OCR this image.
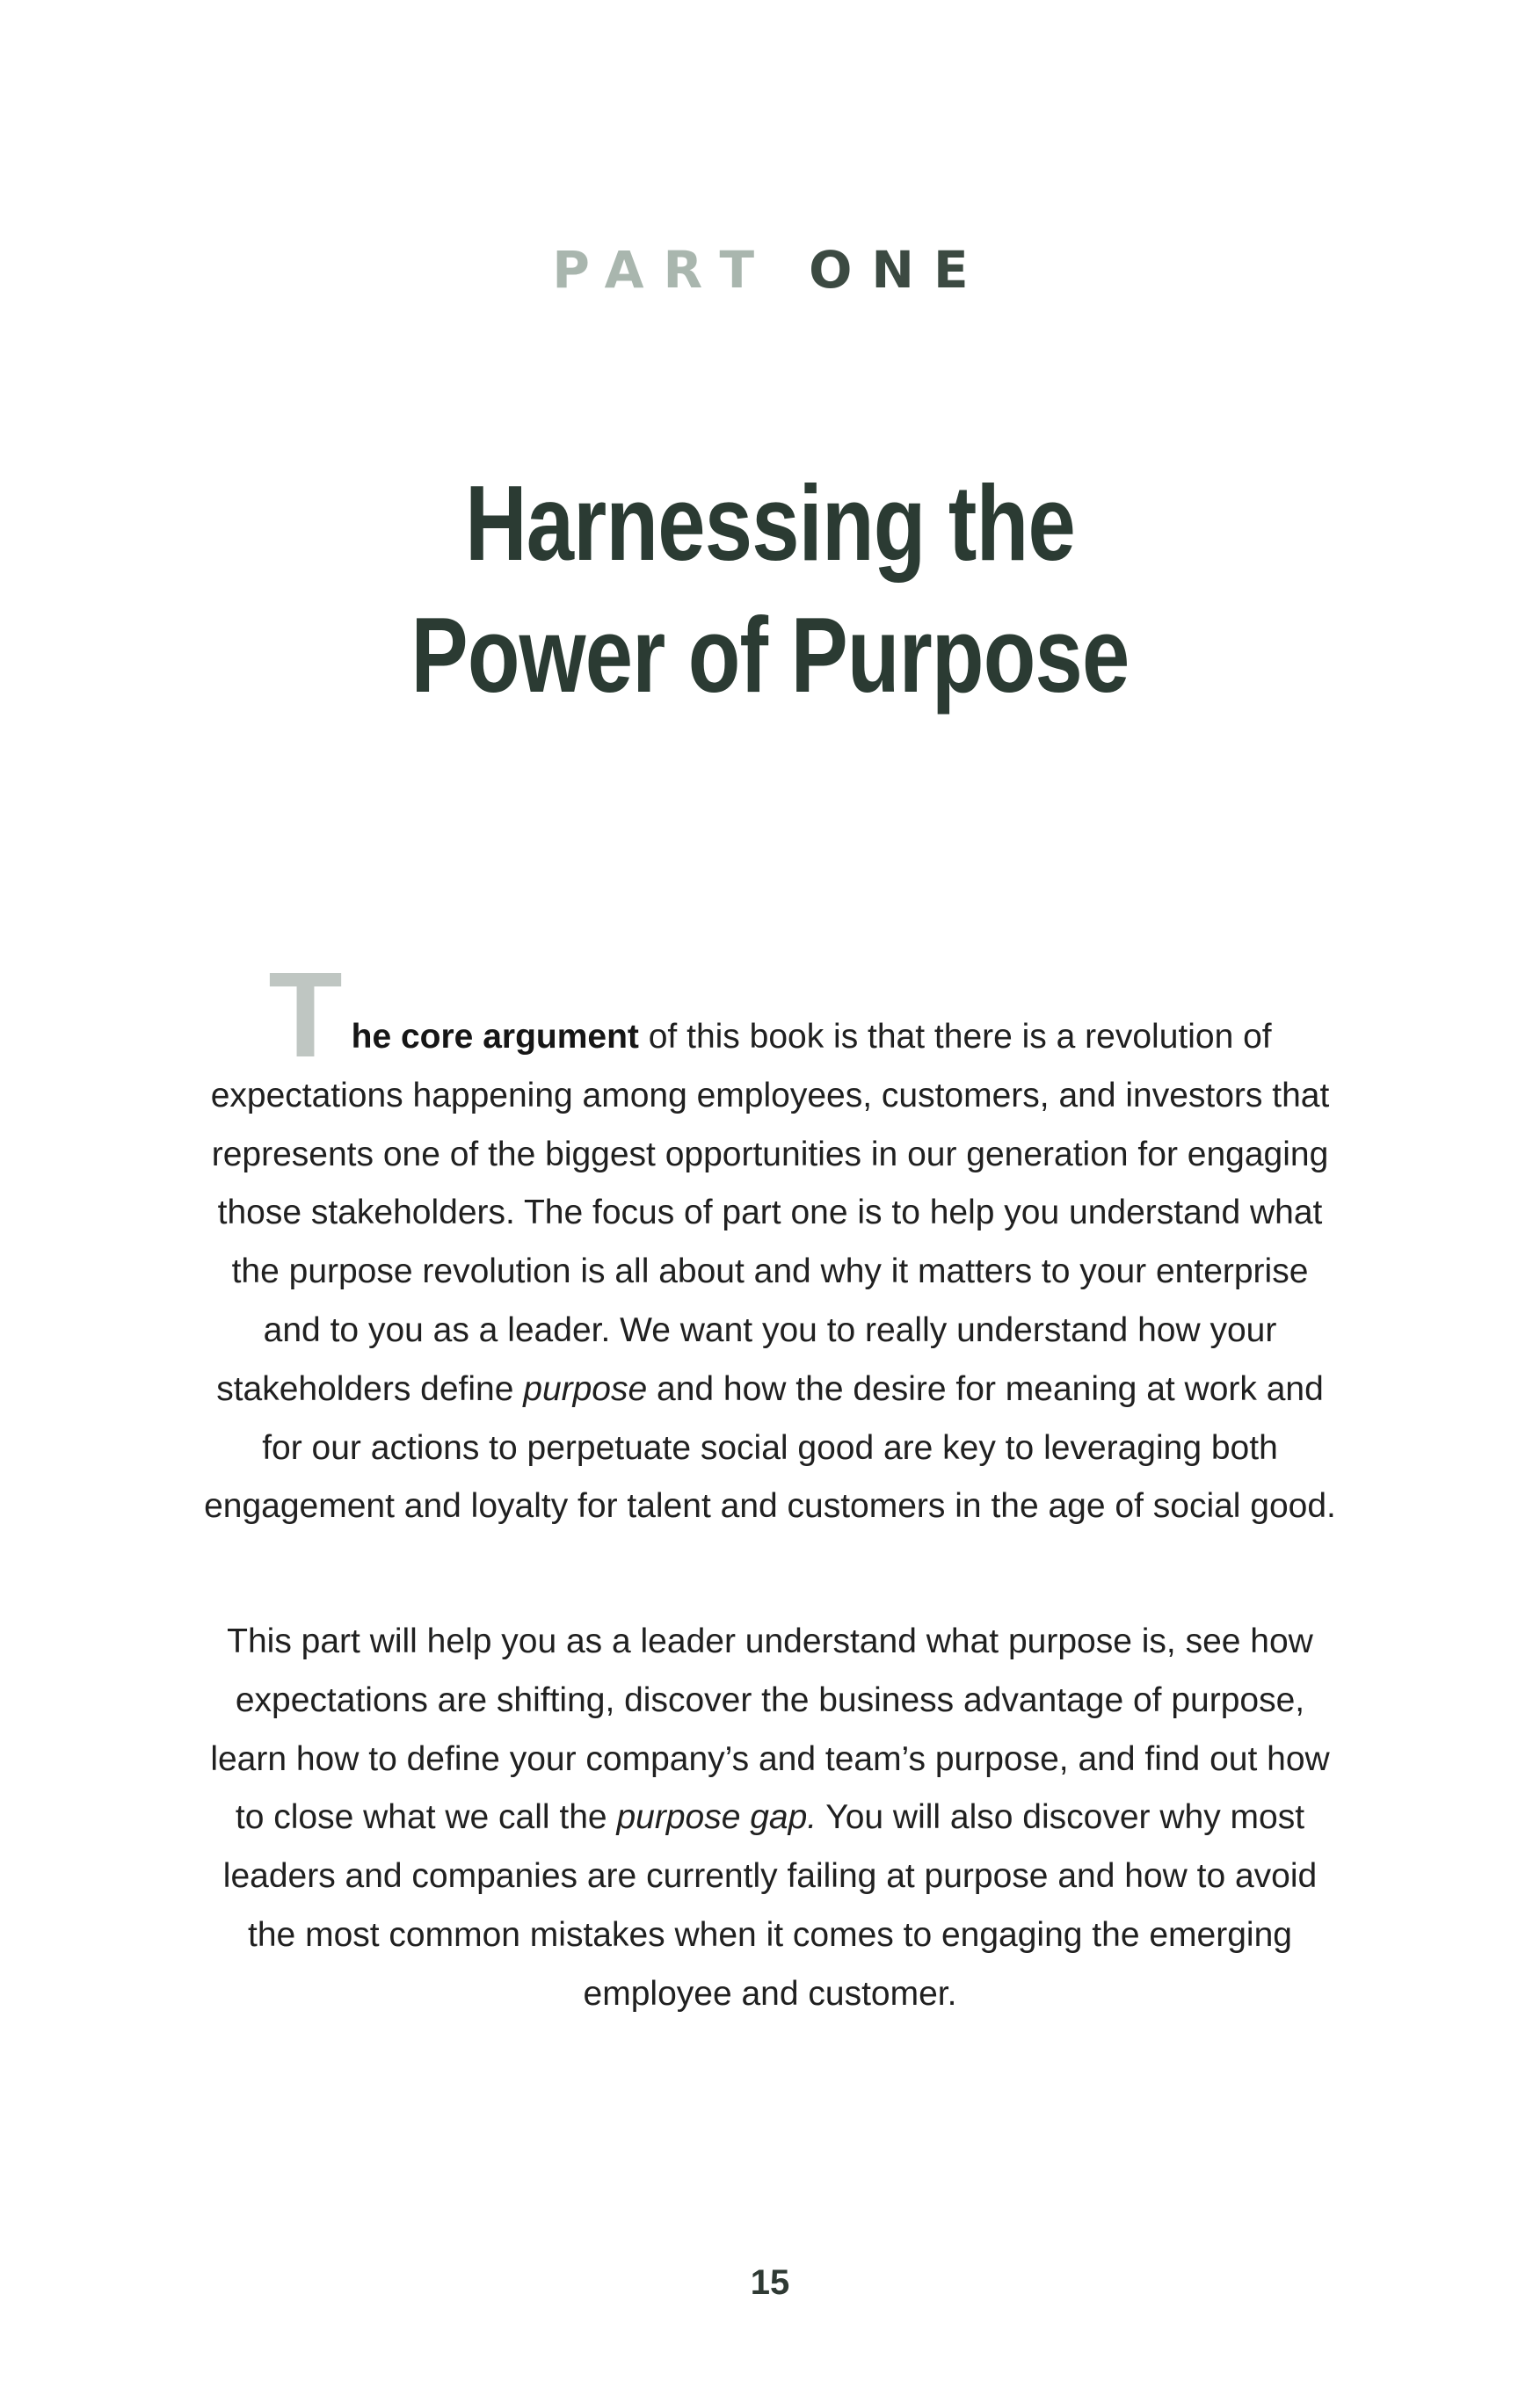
PART ONE
Harnessing the
Power of Purpose

The core argument of this book is that there is a revolution of expectations happening among employees, customers, and investors that represents one of the biggest opportunities in our generation for engaging those stakeholders. The focus of part one is to help you understand what the purpose revolution is all about and why it matters to your enterprise and to you as a leader. We want you to really understand how your stakeholders define purpose and how the desire for meaning at work and for our actions to perpetuate social good are key to leveraging both engagement and loyalty for talent and customers in the age of social good.

This part will help you as a leader understand what purpose is, see how expectations are shifting, discover the business advantage of purpose, learn how to define your company’s and team’s purpose, and find out how to close what we call the purpose gap. You will also discover why most leaders and companies are currently failing at purpose and how to avoid the most common mistakes when it comes to engaging the emerging employee and customer.

15
